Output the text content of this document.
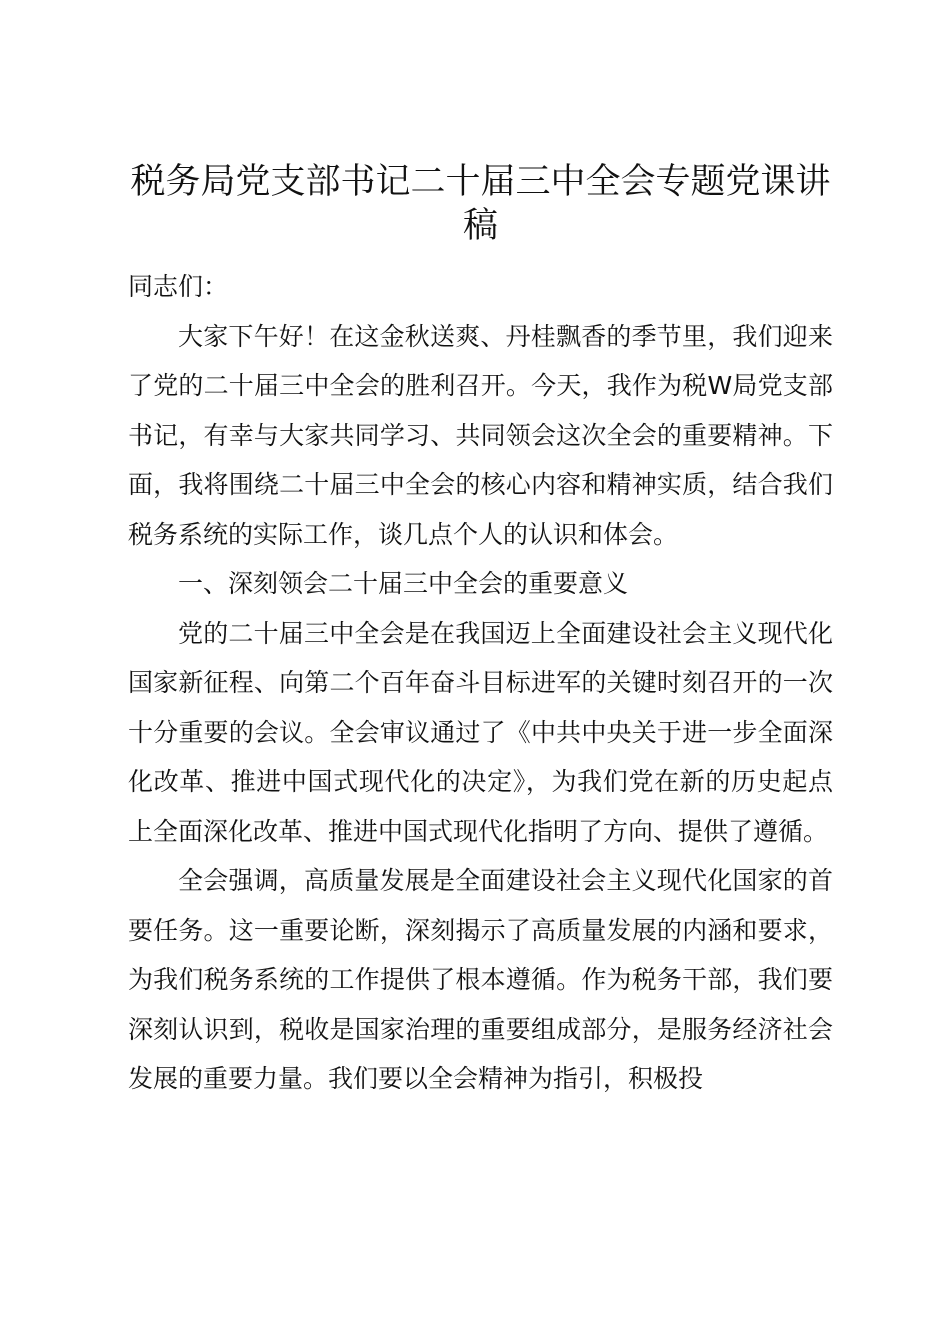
税务局党支部书记二十届三中全会专题党课讲稿

同志们：

大家下午好！在这金秋送爽、丹桂飘香的季节里，我们迎来了党的二十届三中全会的胜利召开。今天，我作为税W局党支部书记，有幸与大家共同学习、共同领会这次全会的重要精神。下面，我将围绕二十届三中全会的核心内容和精神实质，结合我们税务系统的实际工作，谈几点个人的认识和体会。

一、深刻领会二十届三中全会的重要意义

党的二十届三中全会是在我国迈上全面建设社会主义现代化国家新征程、向第二个百年奋斗目标进军的关键时刻召开的一次十分重要的会议。全会审议通过了《中共中央关于进一步全面深化改革、推进中国式现代化的决定》，为我们党在新的历史起点上全面深化改革、推进中国式现代化指明了方向、提供了遵循。

全会强调，高质量发展是全面建设社会主义现代化国家的首要任务。这一重要论断，深刻揭示了高质量发展的内涵和要求，为我们税务系统的工作提供了根本遵循。作为税务干部，我们要深刻认识到，税收是国家治理的重要组成部分，是服务经济社会发展的重要力量。我们要以全会精神为指引，积极投
